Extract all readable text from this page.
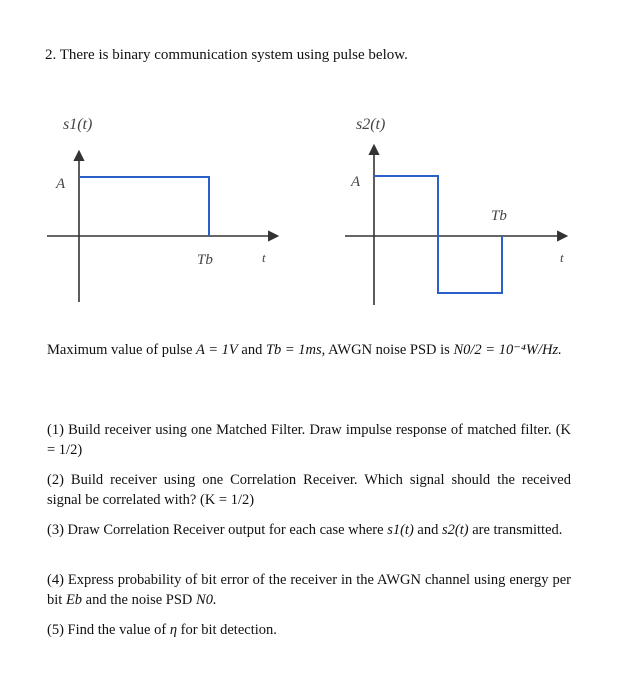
2. There is binary communication system using pulse below.
s1(t)
A
Tb	t
s2(t)
A
Tb
t
Maximum value of pulse A = 1V and Tb = 1ms, AWGN noise PSD is N0/2 = 10⁻⁴W/Hz.
(1) Build receiver using one Matched Filter. Draw impulse response of matched filter. (K = 1/2)
(2) Build receiver using one Correlation Receiver. Which signal should the received signal be correlated with? (K = 1/2)
(3) Draw Correlation Receiver output for each case where s1(t) and s2(t) are transmitted.
(4) Express probability of bit error of the receiver in the AWGN channel using energy per bit Eb and the noise PSD N0.
(5) Find the value of η for bit detection.
